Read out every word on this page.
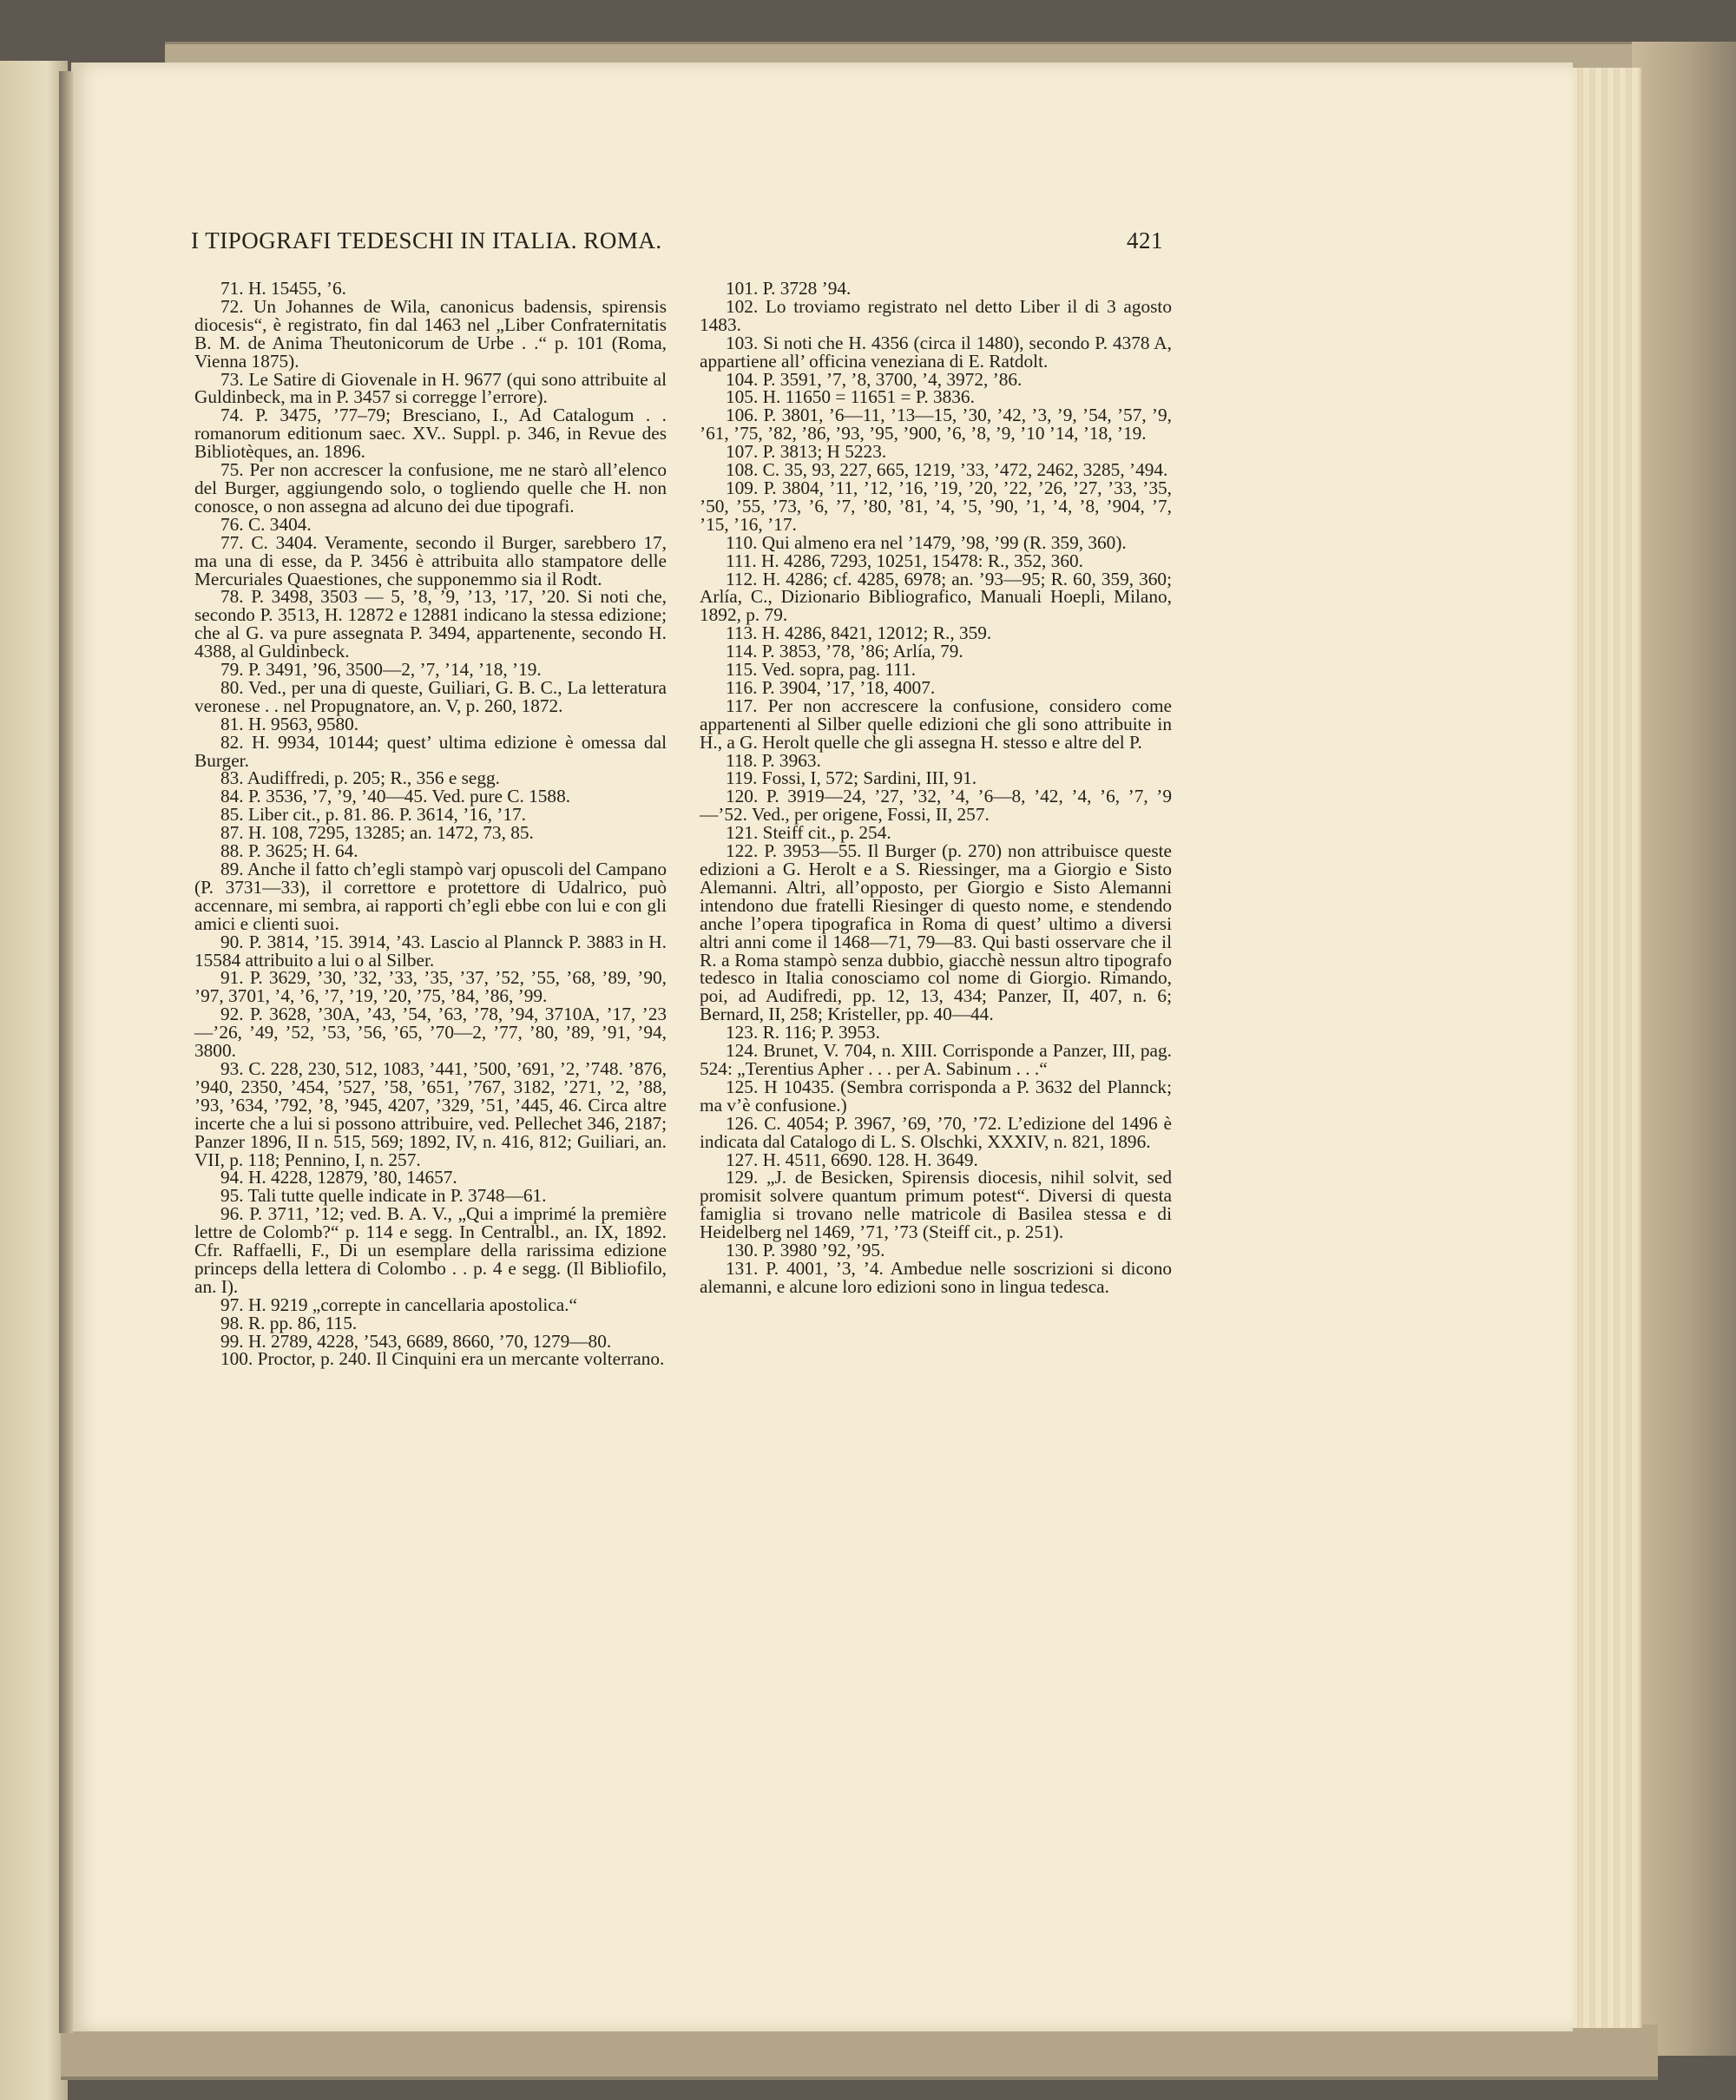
I TIPOGRAFI TEDESCHI IN ITALIA. ROMA.	421

71. H. 15455, ’6.

72. Un Johannes de Wila, canonicus badensis, spirensis diocesis“, è registrato, fin dal 1463 nel „Liber Confraternitatis B. M. de Anima Theutonicorum de Urbe . .“ p. 101 (Roma, Vienna 1875).

73. Le Satire di Giovenale in H. 9677 (qui sono attribuite al Guldinbeck, ma in P. 3457 si corregge l’errore).

74. P. 3475, ’77–79; Bresciano, I., Ad Catalogum . . romanorum editionum saec. XV.. Suppl. p. 346, in Revue des Bibliotèques, an. 1896.

75. Per non accrescer la confusione, me ne starò all’elenco del Burger, aggiungendo solo, o togliendo quelle che H. non conosce, o non assegna ad alcuno dei due tipografi.

76. C. 3404.

77. C. 3404. Veramente, secondo il Burger, sarebbero 17, ma una di esse, da P. 3456 è attribuita allo stampatore delle Mercuriales Quaestiones, che supponemmo sia il Rodt.

78. P. 3498, 3503 — 5, ’8, ’9, ’13, ’17, ’20. Si noti che, secondo P. 3513, H. 12872 e 12881 indicano la stessa edizione; che al G. va pure assegnata P. 3494, appartenente, secondo H. 4388, al Guldinbeck.

79. P. 3491, ’96, 3500—2, ’7, ’14, ’18, ’19.

80. Ved., per una di queste, Guiliari, G. B. C., La letteratura veronese . . nel Propugnatore, an. V, p. 260, 1872.

81. H. 9563, 9580.

82. H. 9934, 10144; quest’ ultima edizione è omessa dal Burger.

83. Audiffredi, p. 205; R., 356 e segg.

84. P. 3536, ’7, ’9, ’40—45. Ved. pure C. 1588.

85. Liber cit., p. 81. 86. P. 3614, ’16, ’17.

87. H. 108, 7295, 13285; an. 1472, 73, 85.

88. P. 3625; H. 64.

89. Anche il fatto ch’egli stampò varj opuscoli del Campano (P. 3731—33), il correttore e protettore di Udalrico, può accennare, mi sembra, ai rapporti ch’egli ebbe con lui e con gli amici e clienti suoi.

90. P. 3814, ’15. 3914, ’43. Lascio al Plannck P. 3883 in H. 15584 attribuito a lui o al Silber.

91. P. 3629, ’30, ’32, ’33, ’35, ’37, ’52, ’55, ’68, ’89, ’90, ’97, 3701, ’4, ’6, ’7, ’19, ’20, ’75, ’84, ’86, ’99.

92. P. 3628, ’30A, ’43, ’54, ’63, ’78, ’94, 3710A, ’17, ’23—’26, ’49, ’52, ’53, ’56, ’65, ’70—2, ’77, ’80, ’89, ’91, ’94, 3800.

93. C. 228, 230, 512, 1083, ’441, ’500, ’691, ’2, ’748. ’876, ’940, 2350, ’454, ’527, ’58, ’651, ’767, 3182, ’271, ’2, ’88, ’93, ’634, ’792, ’8, ’945, 4207, ’329, ’51, ’445, 46. Circa altre incerte che a lui si possono attribuire, ved. Pellechet 346, 2187; Panzer 1896, II n. 515, 569; 1892, IV, n. 416, 812; Guiliari, an. VII, p. 118; Pennino, I, n. 257.

94. H. 4228, 12879, ’80, 14657.

95. Tali tutte quelle indicate in P. 3748—61.

96. P. 3711, ’12; ved. B. A. V., „Qui a imprimé la première lettre de Colomb?“ p. 114 e segg. In Centralbl., an. IX, 1892. Cfr. Raffaelli, F., Di un esemplare della rarissima edizione princeps della lettera di Colombo . . p. 4 e segg. (Il Bibliofilo, an. I).

97. H. 9219 „correpte in cancellaria apostolica.“

98. R. pp. 86, 115.

99. H. 2789, 4228, ’543, 6689, 8660, ’70, 1279—80.

100. Proctor, p. 240. Il Cinquini era un mercante volterrano.

101. P. 3728 ’94.

102. Lo troviamo registrato nel detto Liber il di 3 agosto 1483.

103. Si noti che H. 4356 (circa il 1480), secondo P. 4378 A, appartiene all’ officina veneziana di E. Ratdolt.

104. P. 3591, ’7, ’8, 3700, ’4, 3972, ’86.

105. H. 11650 = 11651 = P. 3836.

106. P. 3801, ’6—11, ’13—15, ’30, ’42, ’3, ’9, ’54, ’57, ’9, ’61, ’75, ’82, ’86, ’93, ’95, ’900, ’6, ’8, ’9, ’10 ’14, ’18, ’19.

107. P. 3813; H 5223.

108. C. 35, 93, 227, 665, 1219, ’33, ’472, 2462, 3285, ’494.

109. P. 3804, ’11, ’12, ’16, ’19, ’20, ’22, ’26, ’27, ’33, ’35, ’50, ’55, ’73, ’6, ’7, ’80, ’81, ’4, ’5, ’90, ’1, ’4, ’8, ’904, ’7, ’15, ’16, ’17.

110. Qui almeno era nel ’1479, ’98, ’99 (R. 359, 360).

111. H. 4286, 7293, 10251, 15478: R., 352, 360.

112. H. 4286; cf. 4285, 6978; an. ’93—95; R. 60, 359, 360; Arlía, C., Dizionario Bibliografico, Manuali Hoepli, Milano, 1892, p. 79.

113. H. 4286, 8421, 12012; R., 359.

114. P. 3853, ’78, ’86; Arlía, 79.

115. Ved. sopra, pag. 111.

116. P. 3904, ’17, ’18, 4007.

117. Per non accrescere la confusione, considero come appartenenti al Silber quelle edizioni che gli sono attribuite in H., a G. Herolt quelle che gli assegna H. stesso e altre del P.

118. P. 3963.

119. Fossi, I, 572; Sardini, III, 91.

120. P. 3919—24, ’27, ’32, ’4, ’6—8, ’42, ’4, ’6, ’7, ’9—’52. Ved., per origene, Fossi, II, 257.

121. Steiff cit., p. 254.

122. P. 3953—55. Il Burger (p. 270) non attribuisce queste edizioni a G. Herolt e a S. Riessinger, ma a Giorgio e Sisto Alemanni. Altri, all’opposto, per Giorgio e Sisto Alemanni intendono due fratelli Riesinger di questo nome, e stendendo anche l’opera tipografica in Roma di quest’ ultimo a diversi altri anni come il 1468—71, 79—83. Qui basti osservare che il R. a Roma stampò senza dubbio, giacchè nessun altro tipografo tedesco in Italia conosciamo col nome di Giorgio. Rimando, poi, ad Audifredi, pp. 12, 13, 434; Panzer, II, 407, n. 6; Bernard, II, 258; Kristeller, pp. 40—44.

123. R. 116; P. 3953.

124. Brunet, V. 704, n. XIII. Corrisponde a Panzer, III, pag. 524: „Terentius Apher . . . per A. Sabinum . . .“

125. H 10435. (Sembra corrisponda a P. 3632 del Plannck; ma v’è confusione.)

126. C. 4054; P. 3967, ’69, ’70, ’72. L’edizione del 1496 è indicata dal Catalogo di L. S. Olschki, XXXIV, n. 821, 1896.

127. H. 4511, 6690. 128. H. 3649.

129. „J. de Besicken, Spirensis diocesis, nihil solvit, sed promisit solvere quantum primum potest“. Diversi di questa famiglia si trovano nelle matricole di Basilea stessa e di Heidelberg nel 1469, ’71, ’73 (Steiff cit., p. 251).

130. P. 3980 ’92, ’95.

131. P. 4001, ’3, ’4. Ambedue nelle soscrizioni si dicono alemanni, e alcune loro edizioni sono in lingua tedesca.
